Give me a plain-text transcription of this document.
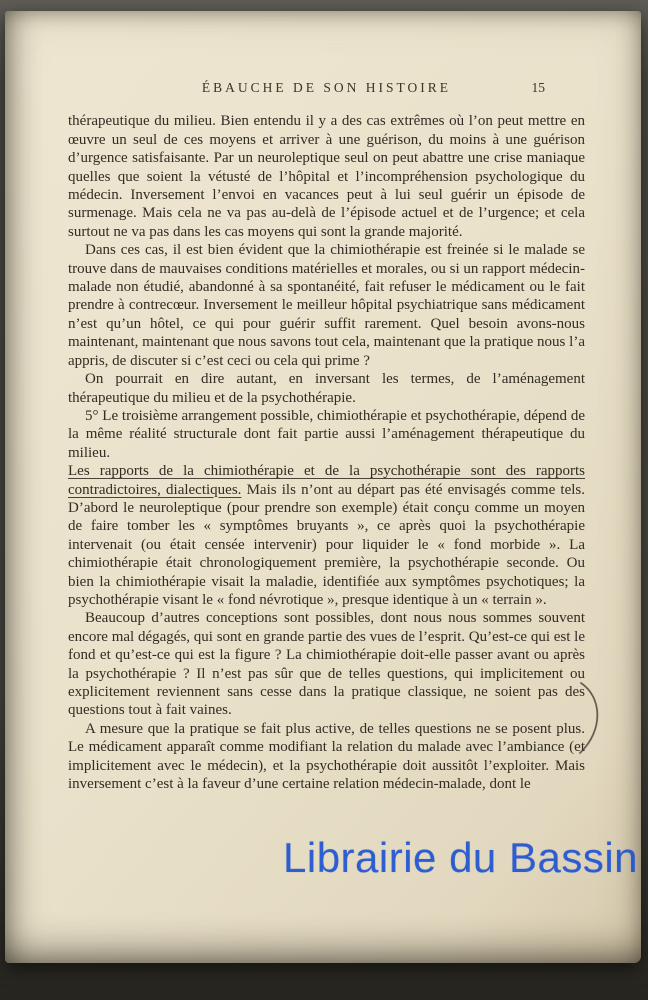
ÉBAUCHE DE SON HISTOIRE	15

thérapeutique du milieu. Bien entendu il y a des cas extrêmes où l’on peut mettre en œuvre un seul de ces moyens et arriver à une guérison, du moins à une guérison d’urgence satisfaisante. Par un neuroleptique seul on peut abattre une crise maniaque quelles que soient la vétusté de l’hôpital et l’incompréhension psychologique du médecin. Inversement l’envoi en vacances peut à lui seul guérir un épisode de surmenage. Mais cela ne va pas au-delà de l’épisode actuel et de l’urgence; et cela surtout ne va pas dans les cas moyens qui sont la grande majorité.

Dans ces cas, il est bien évident que la chimiothérapie est freinée si le malade se trouve dans de mauvaises conditions matérielles et morales, ou si un rapport médecin-malade non étudié, abandonné à sa spontanéité, fait refuser le médicament ou le fait prendre à contrecœur. Inversement le meilleur hôpital psychiatrique sans médicament n’est qu’un hôtel, ce qui pour guérir suffit rarement. Quel besoin avons-nous maintenant, maintenant que nous savons tout cela, maintenant que la pratique nous l’a appris, de discuter si c’est ceci ou cela qui prime ?

On pourrait en dire autant, en inversant les termes, de l’aménagement thérapeutique du milieu et de la psychothérapie.

5° Le troisième arrangement possible, chimiothérapie et psychothérapie, dépend de la même réalité structurale dont fait partie aussi l’aménagement thérapeutique du milieu.

Les rapports de la chimiothérapie et de la psychothérapie sont des rapports contradictoires, dialectiques. Mais ils n’ont au départ pas été envisagés comme tels. D’abord le neuroleptique (pour prendre son exemple) était conçu comme un moyen de faire tomber les « symptômes bruyants », ce après quoi la psychothérapie intervenait (ou était censée intervenir) pour liquider le « fond morbide ». La chimiothérapie était chronologiquement première, la psychothérapie seconde. Ou bien la chimiothérapie visait la maladie, identifiée aux symptômes psychotiques; la psychothérapie visant le « fond névrotique », presque identique à un « terrain ».

Beaucoup d’autres conceptions sont possibles, dont nous nous sommes souvent encore mal dégagés, qui sont en grande partie des vues de l’esprit. Qu’est-ce qui est le fond et qu’est-ce qui est la figure ? La chimiothérapie doit-elle passer avant ou après la psychothérapie ? Il n’est pas sûr que de telles questions, qui implicitement ou explicitement reviennent sans cesse dans la pratique classique, ne soient pas des questions tout à fait vaines.

A mesure que la pratique se fait plus active, de telles questions ne se posent plus. Le médicament apparaît comme modifiant la relation du malade avec l’ambiance (et implicitement avec le médecin), et la psychothérapie doit aussitôt l’exploiter. Mais inversement c’est à la faveur d’une certaine relation médecin-malade, dont le

Librairie du Bassin
